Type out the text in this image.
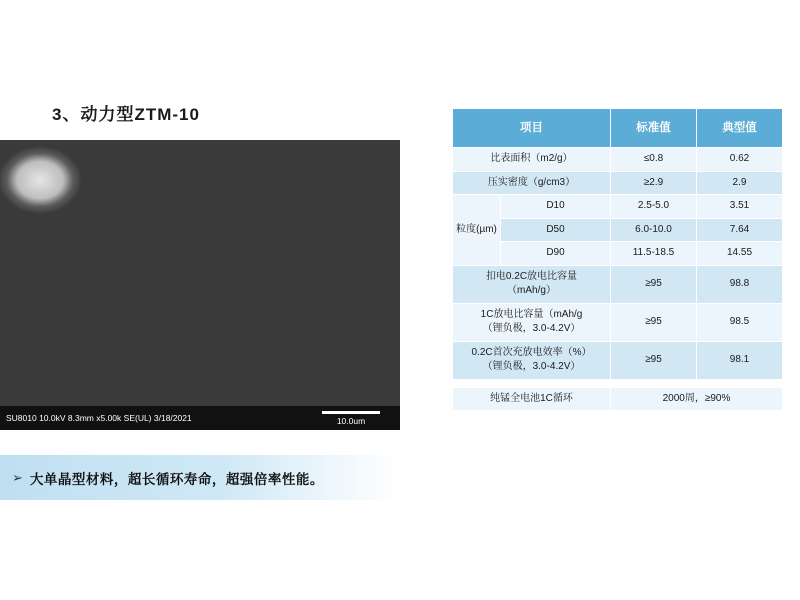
3、动力型ZTM-10
SU8010 10.0kV 8.3mm x5.00k SE(UL) 3/18/2021	10.0um
➢ 大单晶型材料，超长循环寿命，超强倍率性能。
项目		标准值	典型值
比表面积（m2/g）		≤0.8	0.62
压实密度（g/cm3）		≥2.9	2.9
粒度(µm)	D10	2.5-5.0	3.51
	D50	6.0-10.0	7.64
	D90	11.5-18.5	14.55

扣电0.2C放电比容量
（mAh/g）		≥95	98.8

1C放电比容量（mAh/g
（锂负极，3.0-4.2V）		≥95	98.5

0.2C首次充放电效率（%）
（锂负极，3.0-4.2V）		≥95	98.1

纯锰全电池1C循环		2000周，≥90%	
